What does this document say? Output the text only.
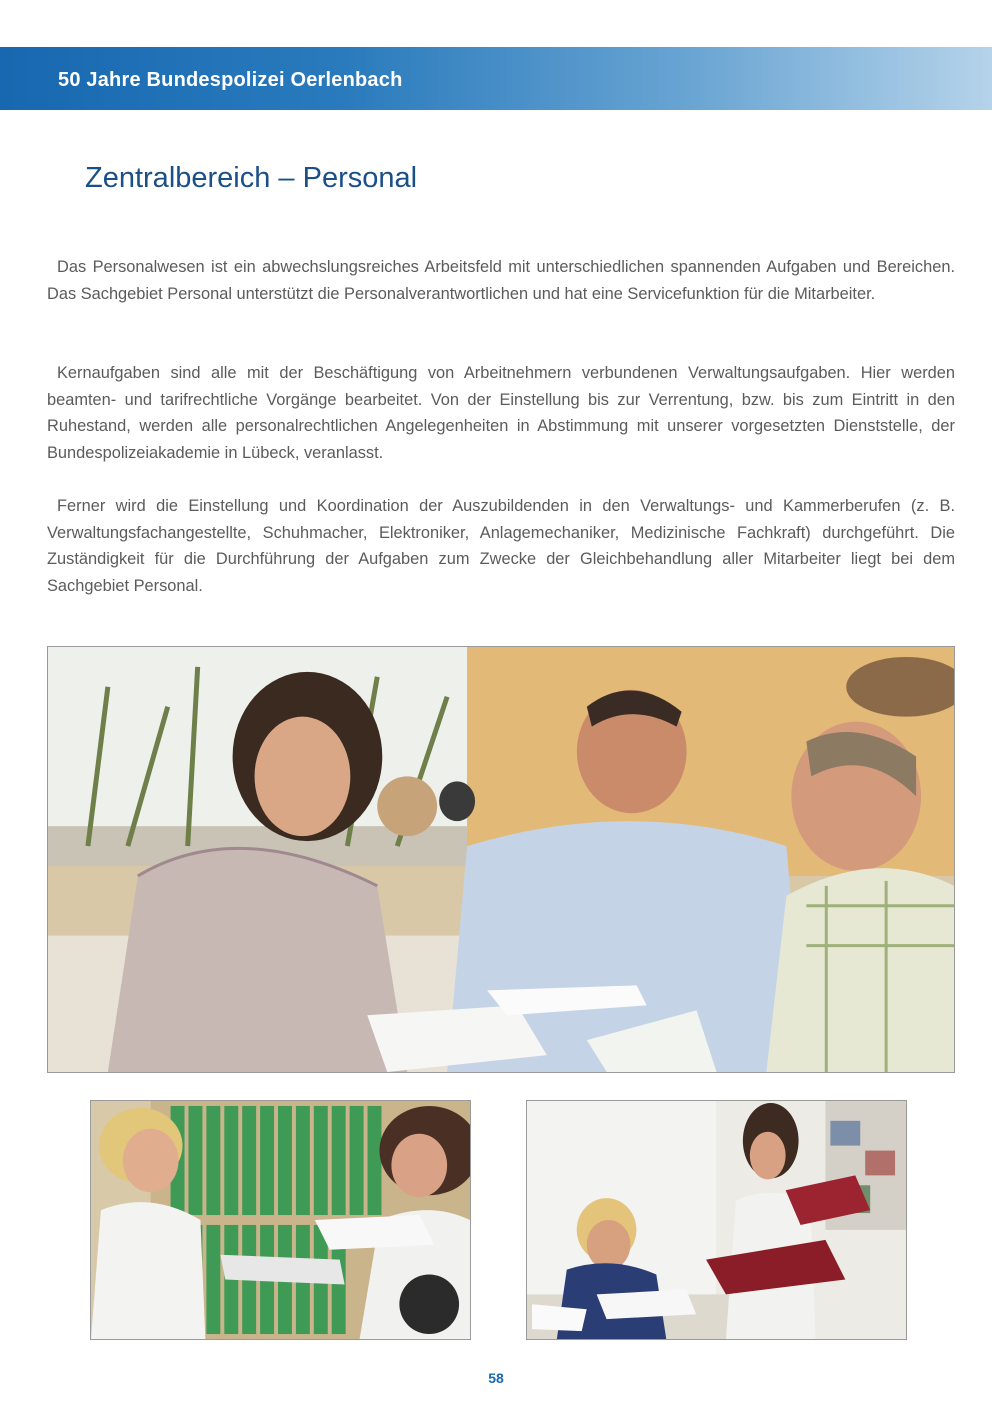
50 Jahre Bundespolizei Oerlenbach
Zentralbereich – Personal

Das Personalwesen ist ein abwechslungsreiches Arbeitsfeld mit unterschiedlichen spannenden Aufgaben und Bereichen. Das Sachgebiet Personal unterstützt die Personalverantwortlichen und hat eine Servicefunktion für die Mitarbeiter.

Kernaufgaben sind alle mit der Beschäftigung von Arbeitnehmern verbundenen Verwaltungsaufgaben. Hier werden beamten- und tarifrechtliche Vorgänge bearbeitet. Von der Einstellung bis zur Verrentung, bzw. bis zum Eintritt in den Ruhestand, werden alle personalrechtlichen Angelegenheiten in Abstimmung mit unserer vorgesetzten Dienststelle, der Bundespolizeiakademie in Lübeck, veranlasst.

Ferner wird die Einstellung und Koordination der Auszubildenden in den Verwaltungs- und Kammerberufen (z. B. Verwaltungsfachangestellte, Schuhmacher, Elektroniker, Anlagemechaniker, Medizinische Fachkraft) durchgeführt. Die Zuständigkeit für die Durchführung der Aufgaben zum Zwecke der Gleichbehandlung aller Mitarbeiter liegt bei dem Sachgebiet Personal.

58
